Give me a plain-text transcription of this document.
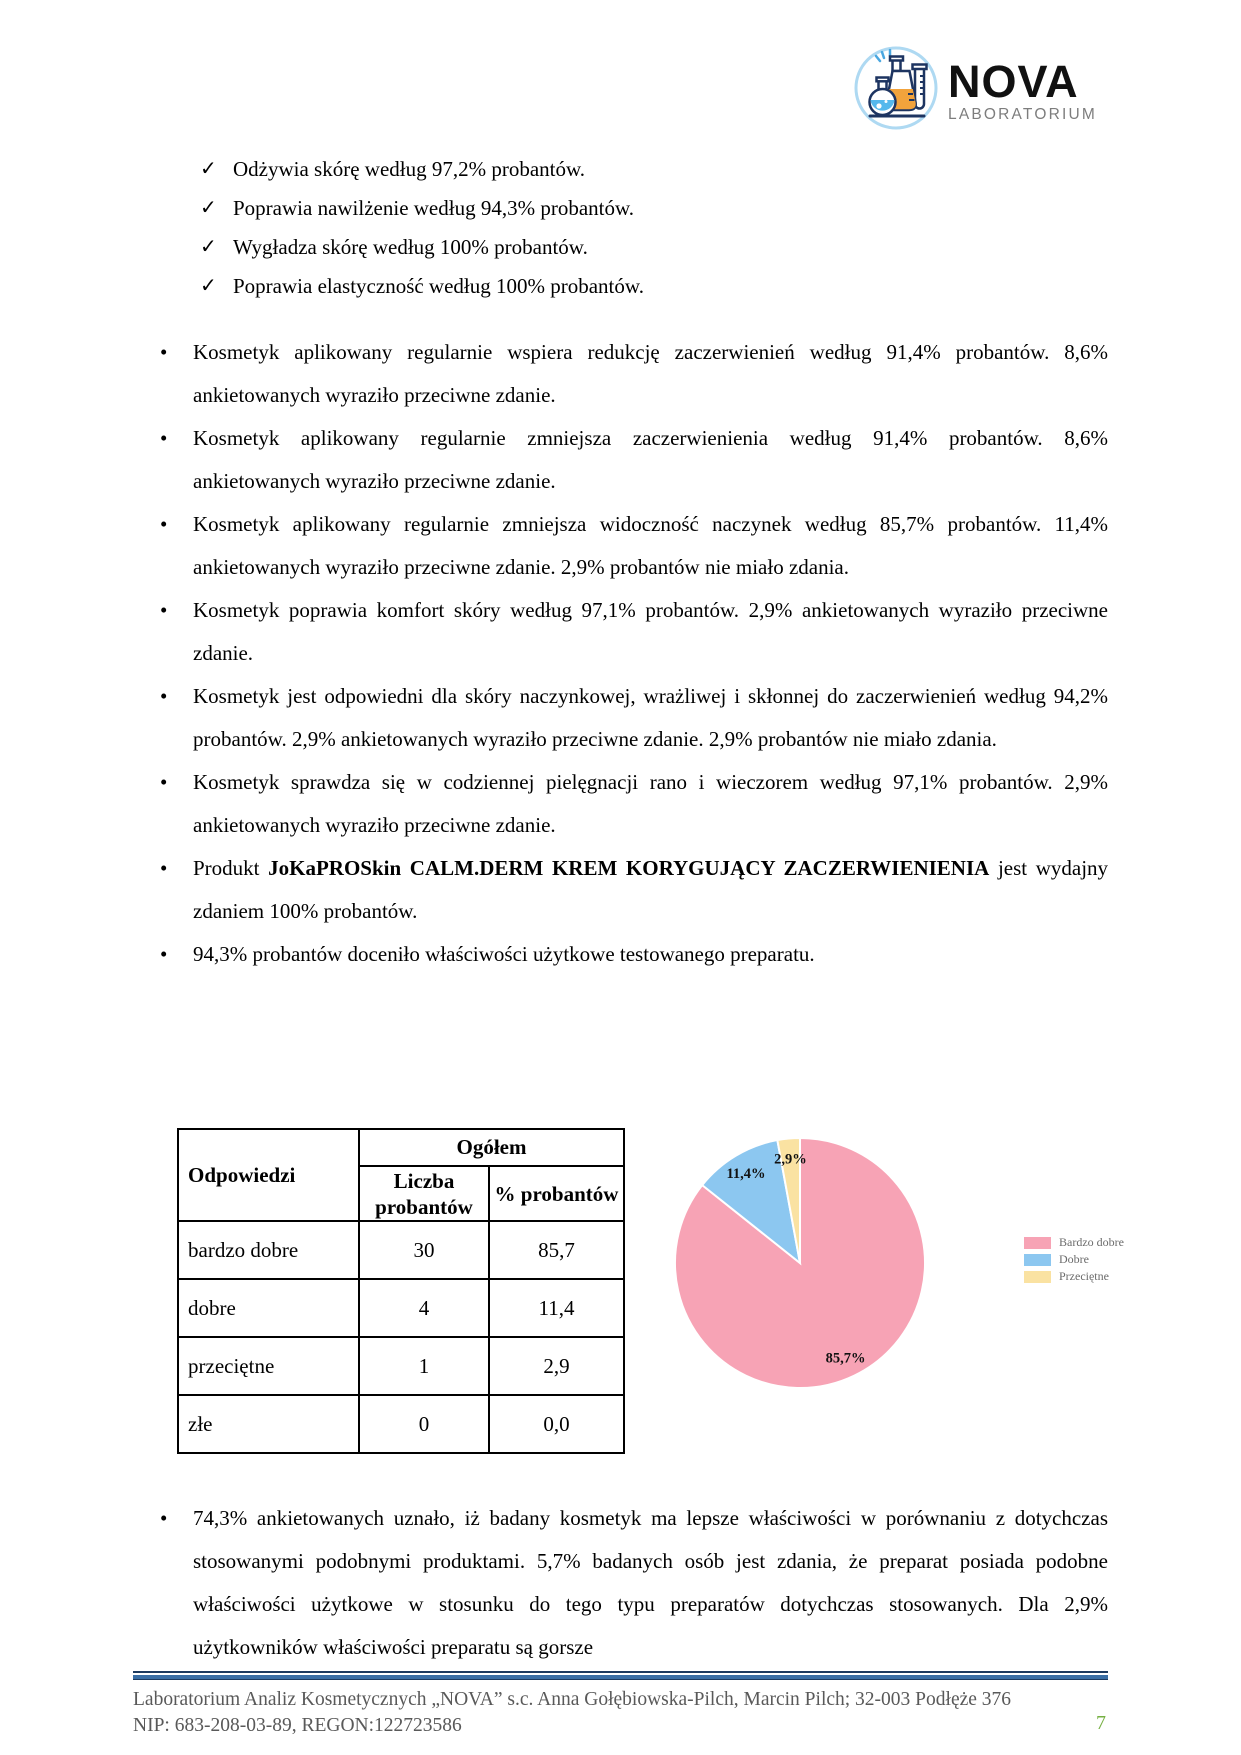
NOVA
LABORATORIUM

✓ Odżywia skórę według 97,2% probantów.

✓ Poprawia nawilżenie według 94,3% probantów.

✓ Wygładza skórę według 100% probantów.

✓ Poprawia elastyczność według 100% probantów.

• Kosmetyk aplikowany regularnie wspiera redukcję zaczerwienień według 91,4% probantów. 8,6% ankietowanych wyraziło przeciwne zdanie.

• Kosmetyk aplikowany regularnie zmniejsza zaczerwienienia według 91,4% probantów. 8,6% ankietowanych wyraziło przeciwne zdanie.

• Kosmetyk aplikowany regularnie zmniejsza widoczność naczynek według 85,7% probantów. 11,4% ankietowanych wyraziło przeciwne zdanie. 2,9% probantów nie miało zdania.

• Kosmetyk poprawia komfort skóry według 97,1% probantów. 2,9% ankietowanych wyraziło przeciwne zdanie.

• Kosmetyk jest odpowiedni dla skóry naczynkowej, wrażliwej i skłonnej do zaczerwienień według 94,2% probantów. 2,9% ankietowanych wyraziło przeciwne zdanie. 2,9% probantów nie miało zdania.

• Kosmetyk sprawdza się w codziennej pielęgnacji rano i wieczorem według 97,1% probantów. 2,9% ankietowanych wyraziło przeciwne zdanie.

• Produkt JoKaPROSkin CALM.DERM KREM KORYGUJĄCY ZACZERWIENIENIA jest wydajny zdaniem 100% probantów.

• 94,3% probantów doceniło właściwości użytkowe testowanego preparatu.

Odpowiedzi	Ogółem	
	Liczba probantów	% probantów
bardzo dobre	30	85,7
dobre	4	11,4
przeciętne	1	2,9
złe	0	0,0
85,7%
11,4%
2,9%
Bardzo dobre
Dobre
Przeciętne

• 74,3% ankietowanych uznało, iż badany kosmetyk ma lepsze właściwości w porównaniu z dotychczas stosowanymi podobnymi produktami. 5,7% badanych osób jest zdania, że preparat posiada podobne właściwości użytkowe w stosunku do tego typu preparatów dotychczas stosowanych. Dla 2,9% użytkowników właściwości preparatu są gorsze

Laboratorium Analiz Kosmetycznych „NOVA” s.c. Anna Gołębiowska-Pilch, Marcin Pilch; 32-003 Podłęże 376
NIP: 683-208-03-89, REGON:122723586	7
